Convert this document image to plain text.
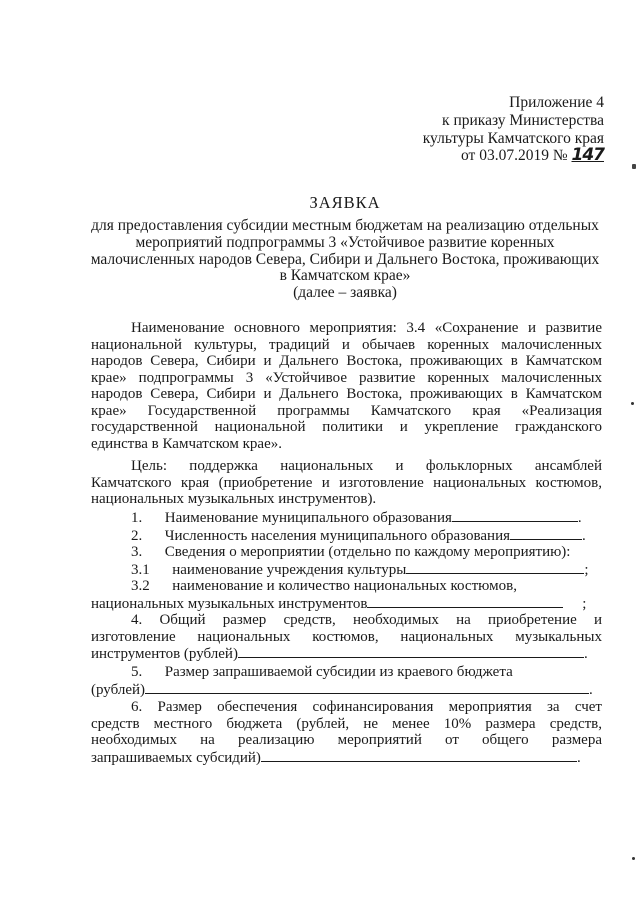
Приложение 4
к приказу Министерства
культуры Камчатского края
от 03.07.2019 № 147
ЗАЯВКА
для предоставления субсидии местным бюджетам на реализацию отдельных
мероприятий подпрограммы 3 «Устойчивое развитие коренных
малочисленных народов Севера, Сибири и Дальнего Востока, проживающих
в Камчатском крае»
(далее – заявка)
Наименование основного мероприятия: 3.4 «Сохранение и развитие
национальной культуры, традиций и обычаев коренных малочисленных
народов Севера, Сибири и Дальнего Востока, проживающих в Камчатском
крае» подпрограммы 3 «Устойчивое развитие коренных малочисленных
народов Севера, Сибири и Дальнего Востока, проживающих в Камчатском
крае» Государственной программы Камчатского края «Реализация
государственной национальной политики и укрепление гражданского
единства в Камчатском крае».
Цель: поддержка национальных и фольклорных ансамблей
Камчатского края (приобретение и изготовление национальных костюмов,
национальных музыкальных инструментов).
1. Наименование муниципального образования	.
2. Численность населения муниципального образования	.
3. Сведения о мероприятии (отдельно по каждому мероприятию):
3.1 наименование учреждения культуры	;
3.2 наименование и количество национальных костюмов,
национальных музыкальных инструментов	;
4. Общий размер средств, необходимых на приобретение и
изготовление национальных костюмов, национальных музыкальных
инструментов (рублей)	.
5. Размер запрашиваемой субсидии из краевого бюджета
(рублей)	.
6. Размер обеспечения софинансирования мероприятия за счет
средств местного бюджета (рублей, не менее 10% размера средств,
необходимых на реализацию мероприятий от общего размера
запрашиваемых субсидий)	.
